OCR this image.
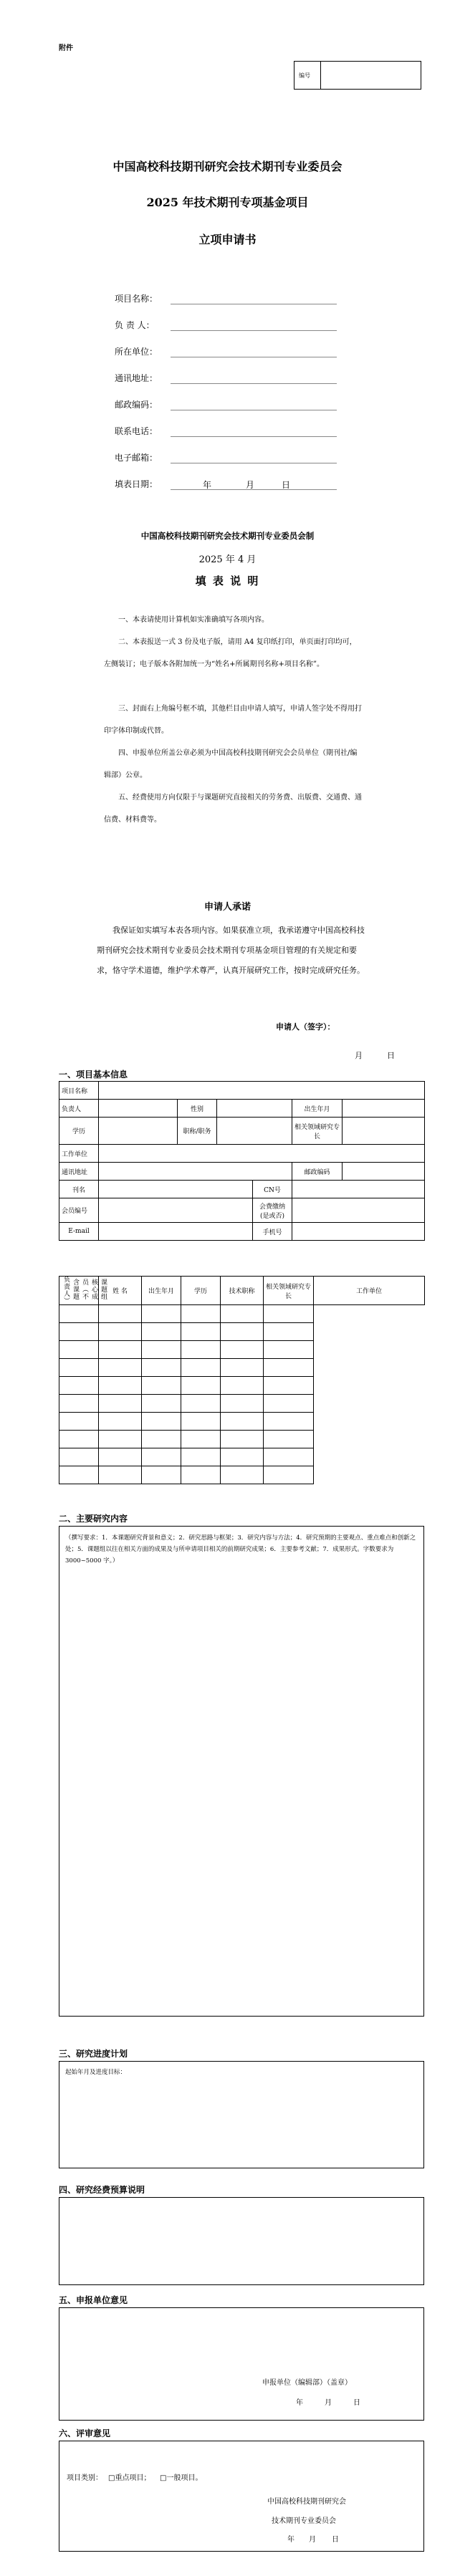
附件
编号
中国高校科技期刊研究会技术期刊专业委员会
2025 年技术期刊专项基金项目
立项申请书
项目名称：
负 责 人：
所在单位：
通讯地址：
邮政编码：
联系电话：
电子邮箱：
填表日期：	年	月	日
中国高校科技期刊研究会技术期刊专业委员会制
2025 年 4 月
填 表 说 明
一、本表请使用计算机如实准确填写各项内容。
二、本表报送一式 3 份及电子版，请用 A4 复印纸打印，单页面打印均可，左侧装订；电子版本各附加统一为“姓名+所属期刊名称+项目名称”。
三、封面右上角编号框不填，其他栏目由申请人填写，申请人签字处不得用打印字体印制或代替。
四、申报单位所盖公章必须为中国高校科技期刊研究会会员单位（期刊社/编辑部）公章。
五、经费使用方向仅限于与课题研究直接相关的劳务费、出版费、交通费、通信费、材料费等。
申请人承诺
我保证如实填写本表各项内容。如果获准立项，我承诺遵守中国高校科技期刊研究会技术期刊专业委员会技术期刊专项基金项目管理的有关规定和要求，恪守学术道德，维护学术尊严，认真开展研究工作，按时完成研究任务。
申请人（签字）：
月	日
一、项目基本信息
项目名称						
负责人		性别			出生年月	
学历		职称/职务			相关领域研究专长	
工作单位						
通讯地址					邮政编码	
刊名				CN号		
会员编号				会费缴纳(是或否)		
E-mail				手机号		
课题组核心成员（不含课题负责人）	姓 名	出生年月	学历	技术职称	相关领域研究专长	工作单位

二、主要研究内容
（撰写要求：1．本课题研究背景和意义；2．研究思路与框架；3．研究内容与方法；4．研究预期的主要观点、重点难点和创新之处；5．课题组以往在相关方面的成果及与所申请项目相关的前期研究成果；6．主要参考文献；7．成果形式。字数要求为 3000~5000 字。）
三、研究进度计划
起始年月及进度目标：
四、研究经费预算说明
五、申报单位意见
申报单位（编辑部）（盖章）
年	月	日
六、评审意见
项目类别： □重点项目； □一般项目。
中国高校科技期刊研究会
技术期刊专业委员会
年 月 日
